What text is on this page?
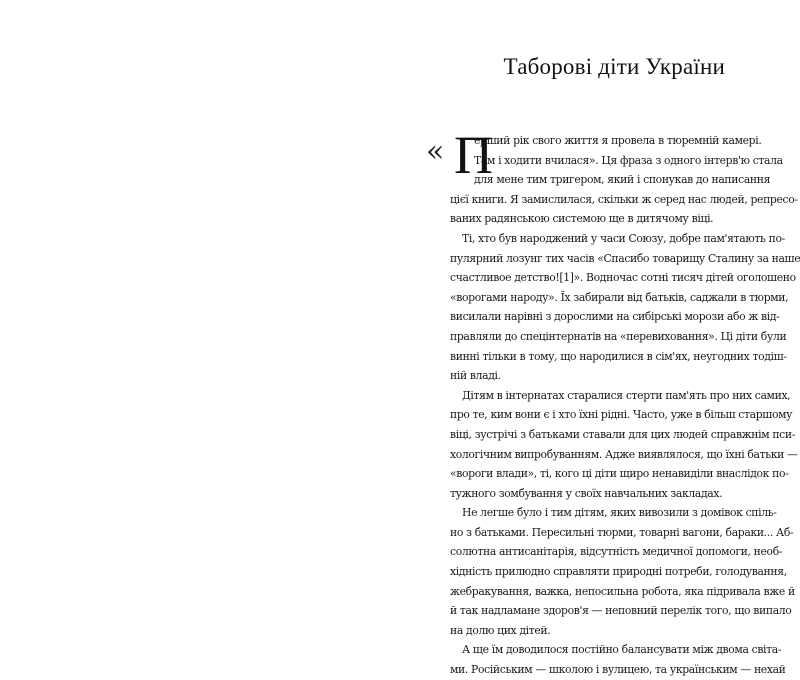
Таборові діти України
« П
ерший рік свого життя я провела в тюремній камері.
Там і ходити вчилася». Ця фраза з одного інтерв'ю стала
для мене тим тригером, який і спонукав до написання
цієї книги. Я замислилася, скільки ж серед нас людей, репресо-
ваних радянською системою ще в дитячому віці.
Ті, хто був народжений у часи Союзу, добре пам'ятають по-
пулярний лозунг тих часів «Спасибо товарищу Сталину за наше
счастливое детство![1]». Водночас сотні тисяч дітей оголошено
«ворогами народу». Їх забирали від батьків, саджали в тюрми,
висилали нарівні з дорослими на сибірські морози або ж від-
правляли до спецінтернатів на «перевиховання». Ці діти були
винні тільки в тому, що народилися в сім'ях, неугодних тодіш-
ній владі.
Дітям в інтернатах старалися стерти пам'ять про них самих,
про те, ким вони є і хто їхні рідні. Часто, уже в більш старшому
віці, зустрічі з батьками ставали для цих людей справжнім пси-
хологічним випробуванням. Адже виявлялося, що їхні батьки —
«вороги влади», ті, кого ці діти щиро ненавиділи внаслідок по-
тужного зомбування у своїх навчальних закладах.
Не легше було і тим дітям, яких вивозили з домівок спіль-
но з батьками. Пересильні тюрми, товарні вагони, бараки... Аб-
солютна антисанітарія, відсутність медичної допомоги, необ-
хідність прилюдно справляти природні потреби, голодування,
жебракування, важка, непосильна робота, яка підривала вже й
й так надламане здоров'я — неповний перелік того, що випало
на долю цих дітей.
А ще їм доводилося постійно балансувати між двома світа-
ми. Російським — школою і вулицею, та українським — нехай
